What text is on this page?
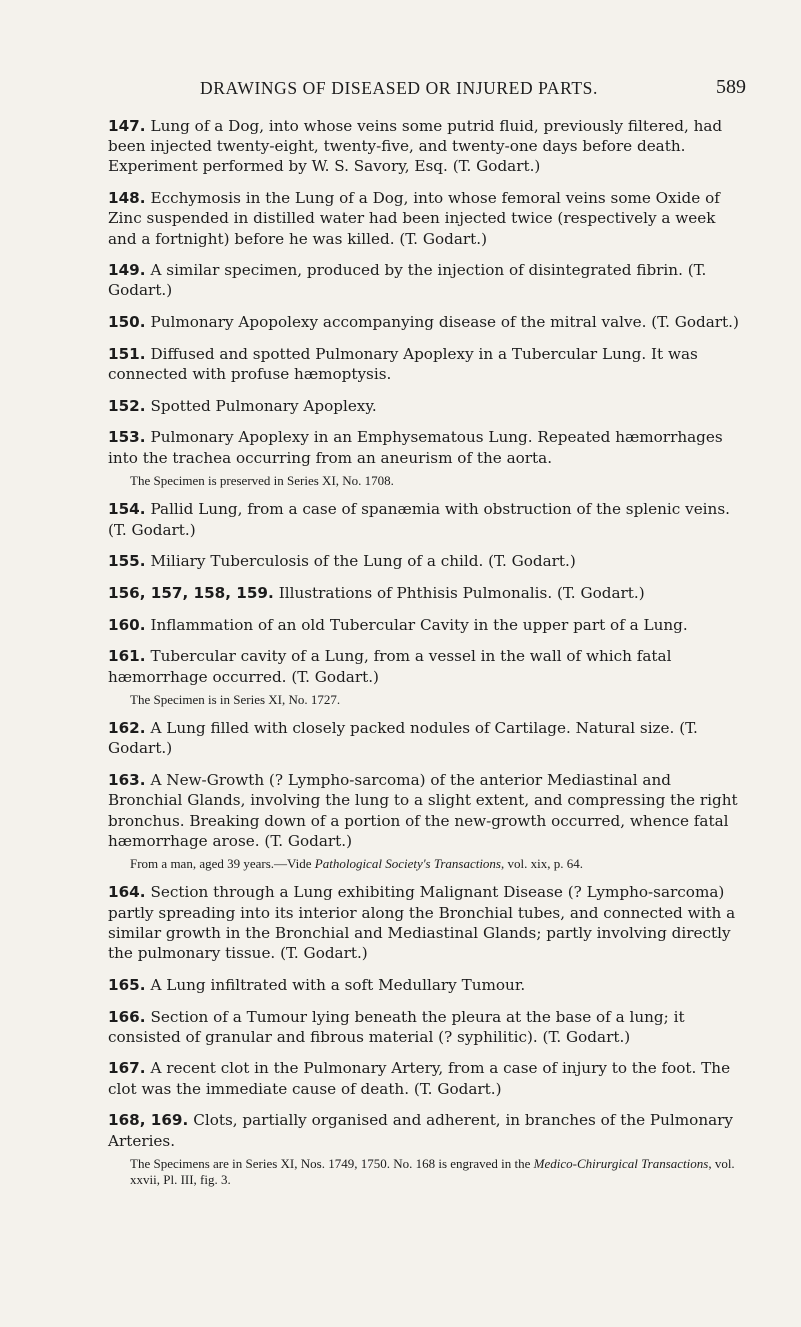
DRAWINGS OF DISEASED OR INJURED PARTS.	589

147. Lung of a Dog, into whose veins some putrid fluid, previously filtered, had been injected twenty-eight, twenty-five, and twenty-one days before death. Experiment performed by W. S. Savory, Esq. (T. Godart.)

148. Ecchymosis in the Lung of a Dog, into whose femoral veins some Oxide of Zinc suspended in distilled water had been injected twice (respectively a week and a fortnight) before he was killed. (T. Godart.)

149. A similar specimen, produced by the injection of disintegrated fibrin. (T. Godart.)

150. Pulmonary Apopolexy accompanying disease of the mitral valve. (T. Godart.)

151. Diffused and spotted Pulmonary Apoplexy in a Tubercular Lung. It was connected with profuse hæmoptysis.

152. Spotted Pulmonary Apoplexy.

153. Pulmonary Apoplexy in an Emphysematous Lung. Repeated hæmorrhages into the trachea occurring from an aneurism of the aorta.

The Specimen is preserved in Series XI, No. 1708.

154. Pallid Lung, from a case of spanæmia with obstruction of the splenic veins. (T. Godart.)

155. Miliary Tuberculosis of the Lung of a child. (T. Godart.)

156, 157, 158, 159. Illustrations of Phthisis Pulmonalis. (T. Godart.)

160. Inflammation of an old Tubercular Cavity in the upper part of a Lung.

161. Tubercular cavity of a Lung, from a vessel in the wall of which fatal hæmorrhage occurred. (T. Godart.)

The Specimen is in Series XI, No. 1727.

162. A Lung filled with closely packed nodules of Cartilage. Natural size. (T. Godart.)

163. A New-Growth (? Lympho-sarcoma) of the anterior Mediastinal and Bronchial Glands, involving the lung to a slight extent, and compressing the right bronchus. Breaking down of a portion of the new-growth occurred, whence fatal hæmorrhage arose. (T. Godart.)

From a man, aged 39 years.—Vide Pathological Society's Transactions, vol. xix, p. 64.

164. Section through a Lung exhibiting Malignant Disease (? Lympho-sarcoma) partly spreading into its interior along the Bronchial tubes, and connected with a similar growth in the Bronchial and Mediastinal Glands; partly involving directly the pulmonary tissue. (T. Godart.)

165. A Lung infiltrated with a soft Medullary Tumour.

166. Section of a Tumour lying beneath the pleura at the base of a lung; it consisted of granular and fibrous material (? syphilitic). (T. Godart.)

167. A recent clot in the Pulmonary Artery, from a case of injury to the foot. The clot was the immediate cause of death. (T. Godart.)

168, 169. Clots, partially organised and adherent, in branches of the Pulmonary Arteries.

The Specimens are in Series XI, Nos. 1749, 1750. No. 168 is engraved in the Medico-Chirurgical Transactions, vol. xxvii, Pl. III, fig. 3.
